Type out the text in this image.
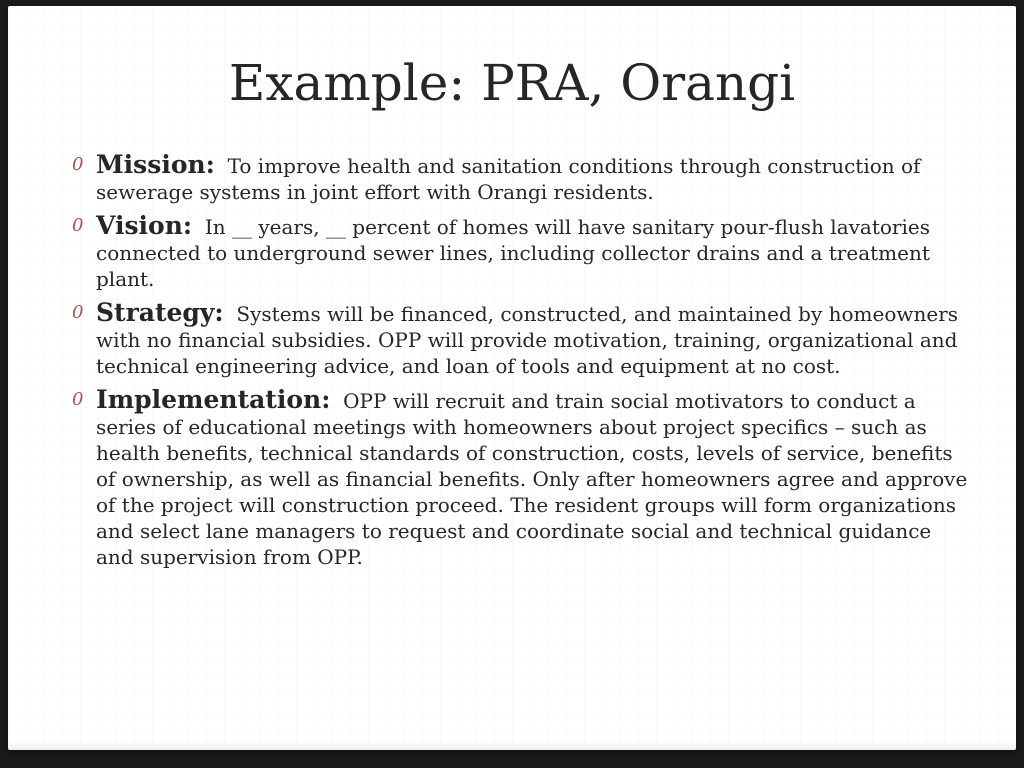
Example: PRA, Orangi
0 Mission: To improve health and sanitation conditions through construction of sewerage systems in joint effort with Orangi residents.
0 Vision: In __ years, __ percent of homes will have sanitary pour-flush lavatories connected to underground sewer lines, including collector drains and a treatment plant.
0 Strategy: Systems will be financed, constructed, and maintained by homeowners with no financial subsidies. OPP will provide motivation, training, organizational and technical engineering advice, and loan of tools and equipment at no cost.
0 Implementation: OPP will recruit and train social motivators to conduct a series of educational meetings with homeowners about project specifics – such as health benefits, technical standards of construction, costs, levels of service, benefits of ownership, as well as financial benefits. Only after homeowners agree and approve of the project will construction proceed. The resident groups will form organizations and select lane managers to request and coordinate social and technical guidance and supervision from OPP.
